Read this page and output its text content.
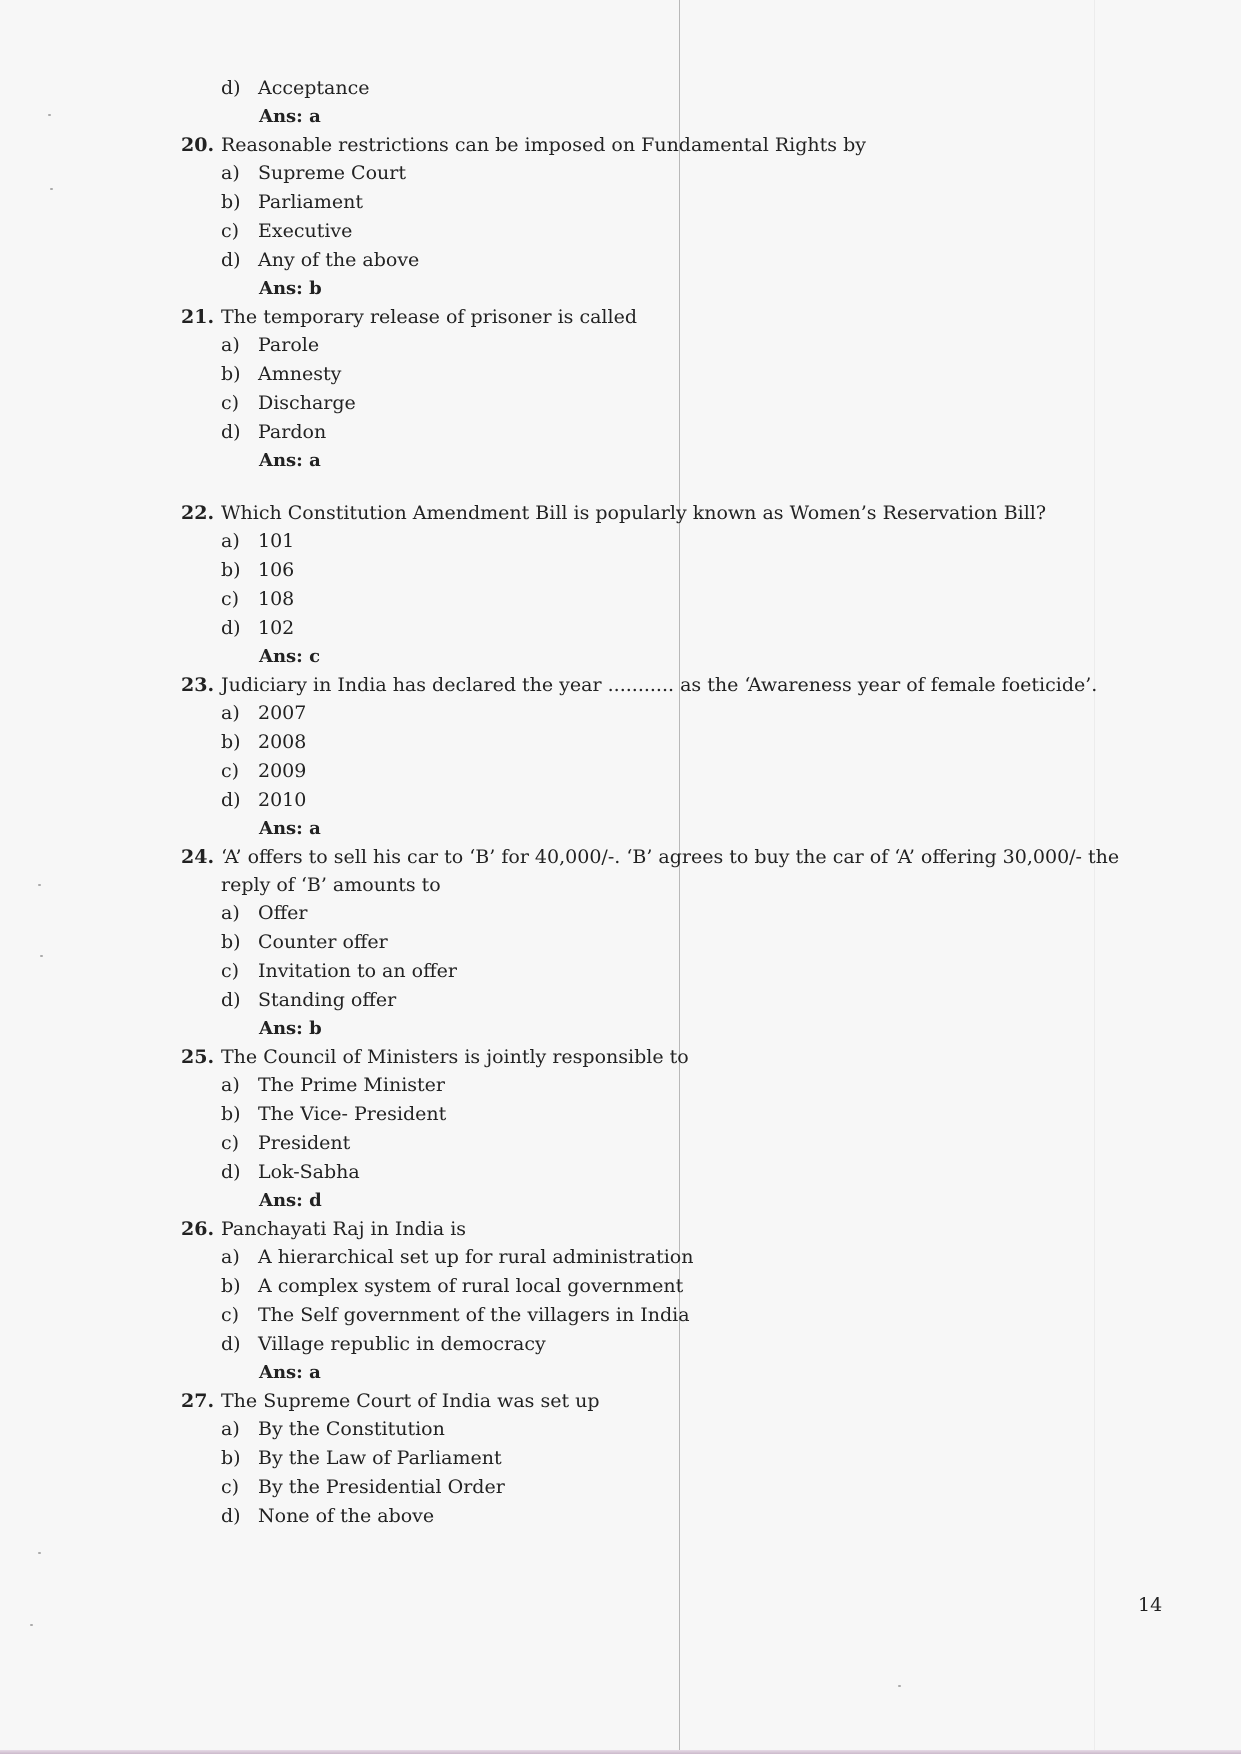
d) Acceptance
Ans: a
20. Reasonable restrictions can be imposed on Fundamental Rights by
a) Supreme Court
b) Parliament
c) Executive
d) Any of the above
Ans: b
21. The temporary release of prisoner is called
a) Parole
b) Amnesty
c) Discharge
d) Pardon
Ans: a
22. Which Constitution Amendment Bill is popularly known as Women’s Reservation Bill?
a) 101
b) 106
c) 108
d) 102
Ans: c
23. Judiciary in India has declared the year ........... as the ‘Awareness year of female foeticide’.
a) 2007
b) 2008
c) 2009
d) 2010
Ans: a
24. ‘A’ offers to sell his car to ‘B’ for 40,000/-. ‘B’ agrees to buy the car of ‘A’ offering 30,000/- the reply of ‘B’ amounts to
a) Offer
b) Counter offer
c) Invitation to an offer
d) Standing offer
Ans: b
25. The Council of Ministers is jointly responsible to
a) The Prime Minister
b) The Vice- President
c) President
d) Lok-Sabha
Ans: d
26. Panchayati Raj in India is
a) A hierarchical set up for rural administration
b) A complex system of rural local government
c) The Self government of the villagers in India
d) Village republic in democracy
Ans: a
27. The Supreme Court of India was set up
a) By the Constitution
b) By the Law of Parliament
c) By the Presidential Order
d) None of the above
14
